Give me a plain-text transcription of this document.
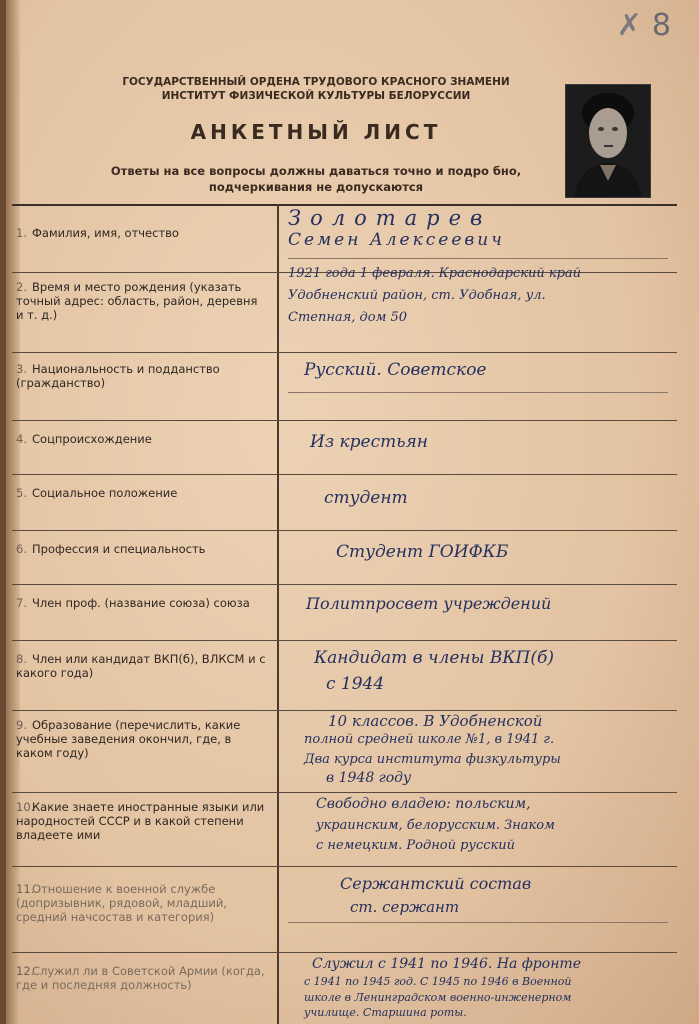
✗8
ГОСУДАРСТВЕННЫЙ ОРДЕНА ТРУДОВОГО КРАСНОГО ЗНАМЕНИ
ИНСТИТУТ ФИЗИЧЕСКОЙ КУЛЬТУРЫ БЕЛОРУССИИ
АНКЕТНЫЙ ЛИСТ
Ответы на все вопросы должны даваться точно и подро бно,
подчеркивания не допускаются
1. Фамилия, имя, отчество
Золотарев
Семен Алексеевич
2. Время и место рождения (указать точный адрес: область, район, деревня и т. д.)
1921 года 1 февраля. Краснодарский край
Удобненский район, ст. Удобная, ул.
Степная, дом 50
3. Национальность и подданство (гражданство)
Русский. Советское
4. Соцпроисхождение	Из крестьян
5. Социальное положение	студент
6. Профессия и специальность	Студент ГОИФКБ
7. Член проф. (название союза) союза	Политпросвет учреждений
8. Член или кандидат ВКП(б), ВЛКСМ и с какого года)
Кандидат в члены ВКП(б)
с 1944
9. Образование (перечислить, какие учебные заведения окончил, где, в каком году)
10 классов. В Удобненской
полной средней школе №1, в 1941 г.
Два курса института физкультуры
в 1948 году
10.Какие знаете иностранные языки или народностей СССР и в какой степени владеете ими
Свободно владею: польским,
украинским, белорусским. Знаком
с немецким. Родной русский
11.Отношение к военной службе (допризывник, рядовой, младший, средний начсостав и категория)
Сержантский состав
ст. сержант
12.Служил ли в Советской Армии (когда, где и последняя должность)
Служил с 1941 по 1946. На фронте
с 1941 по 1945 год. С 1945 по 1946 в Военной
школе в Ленинградском военно-инженерном
училище. Старшина роты.
